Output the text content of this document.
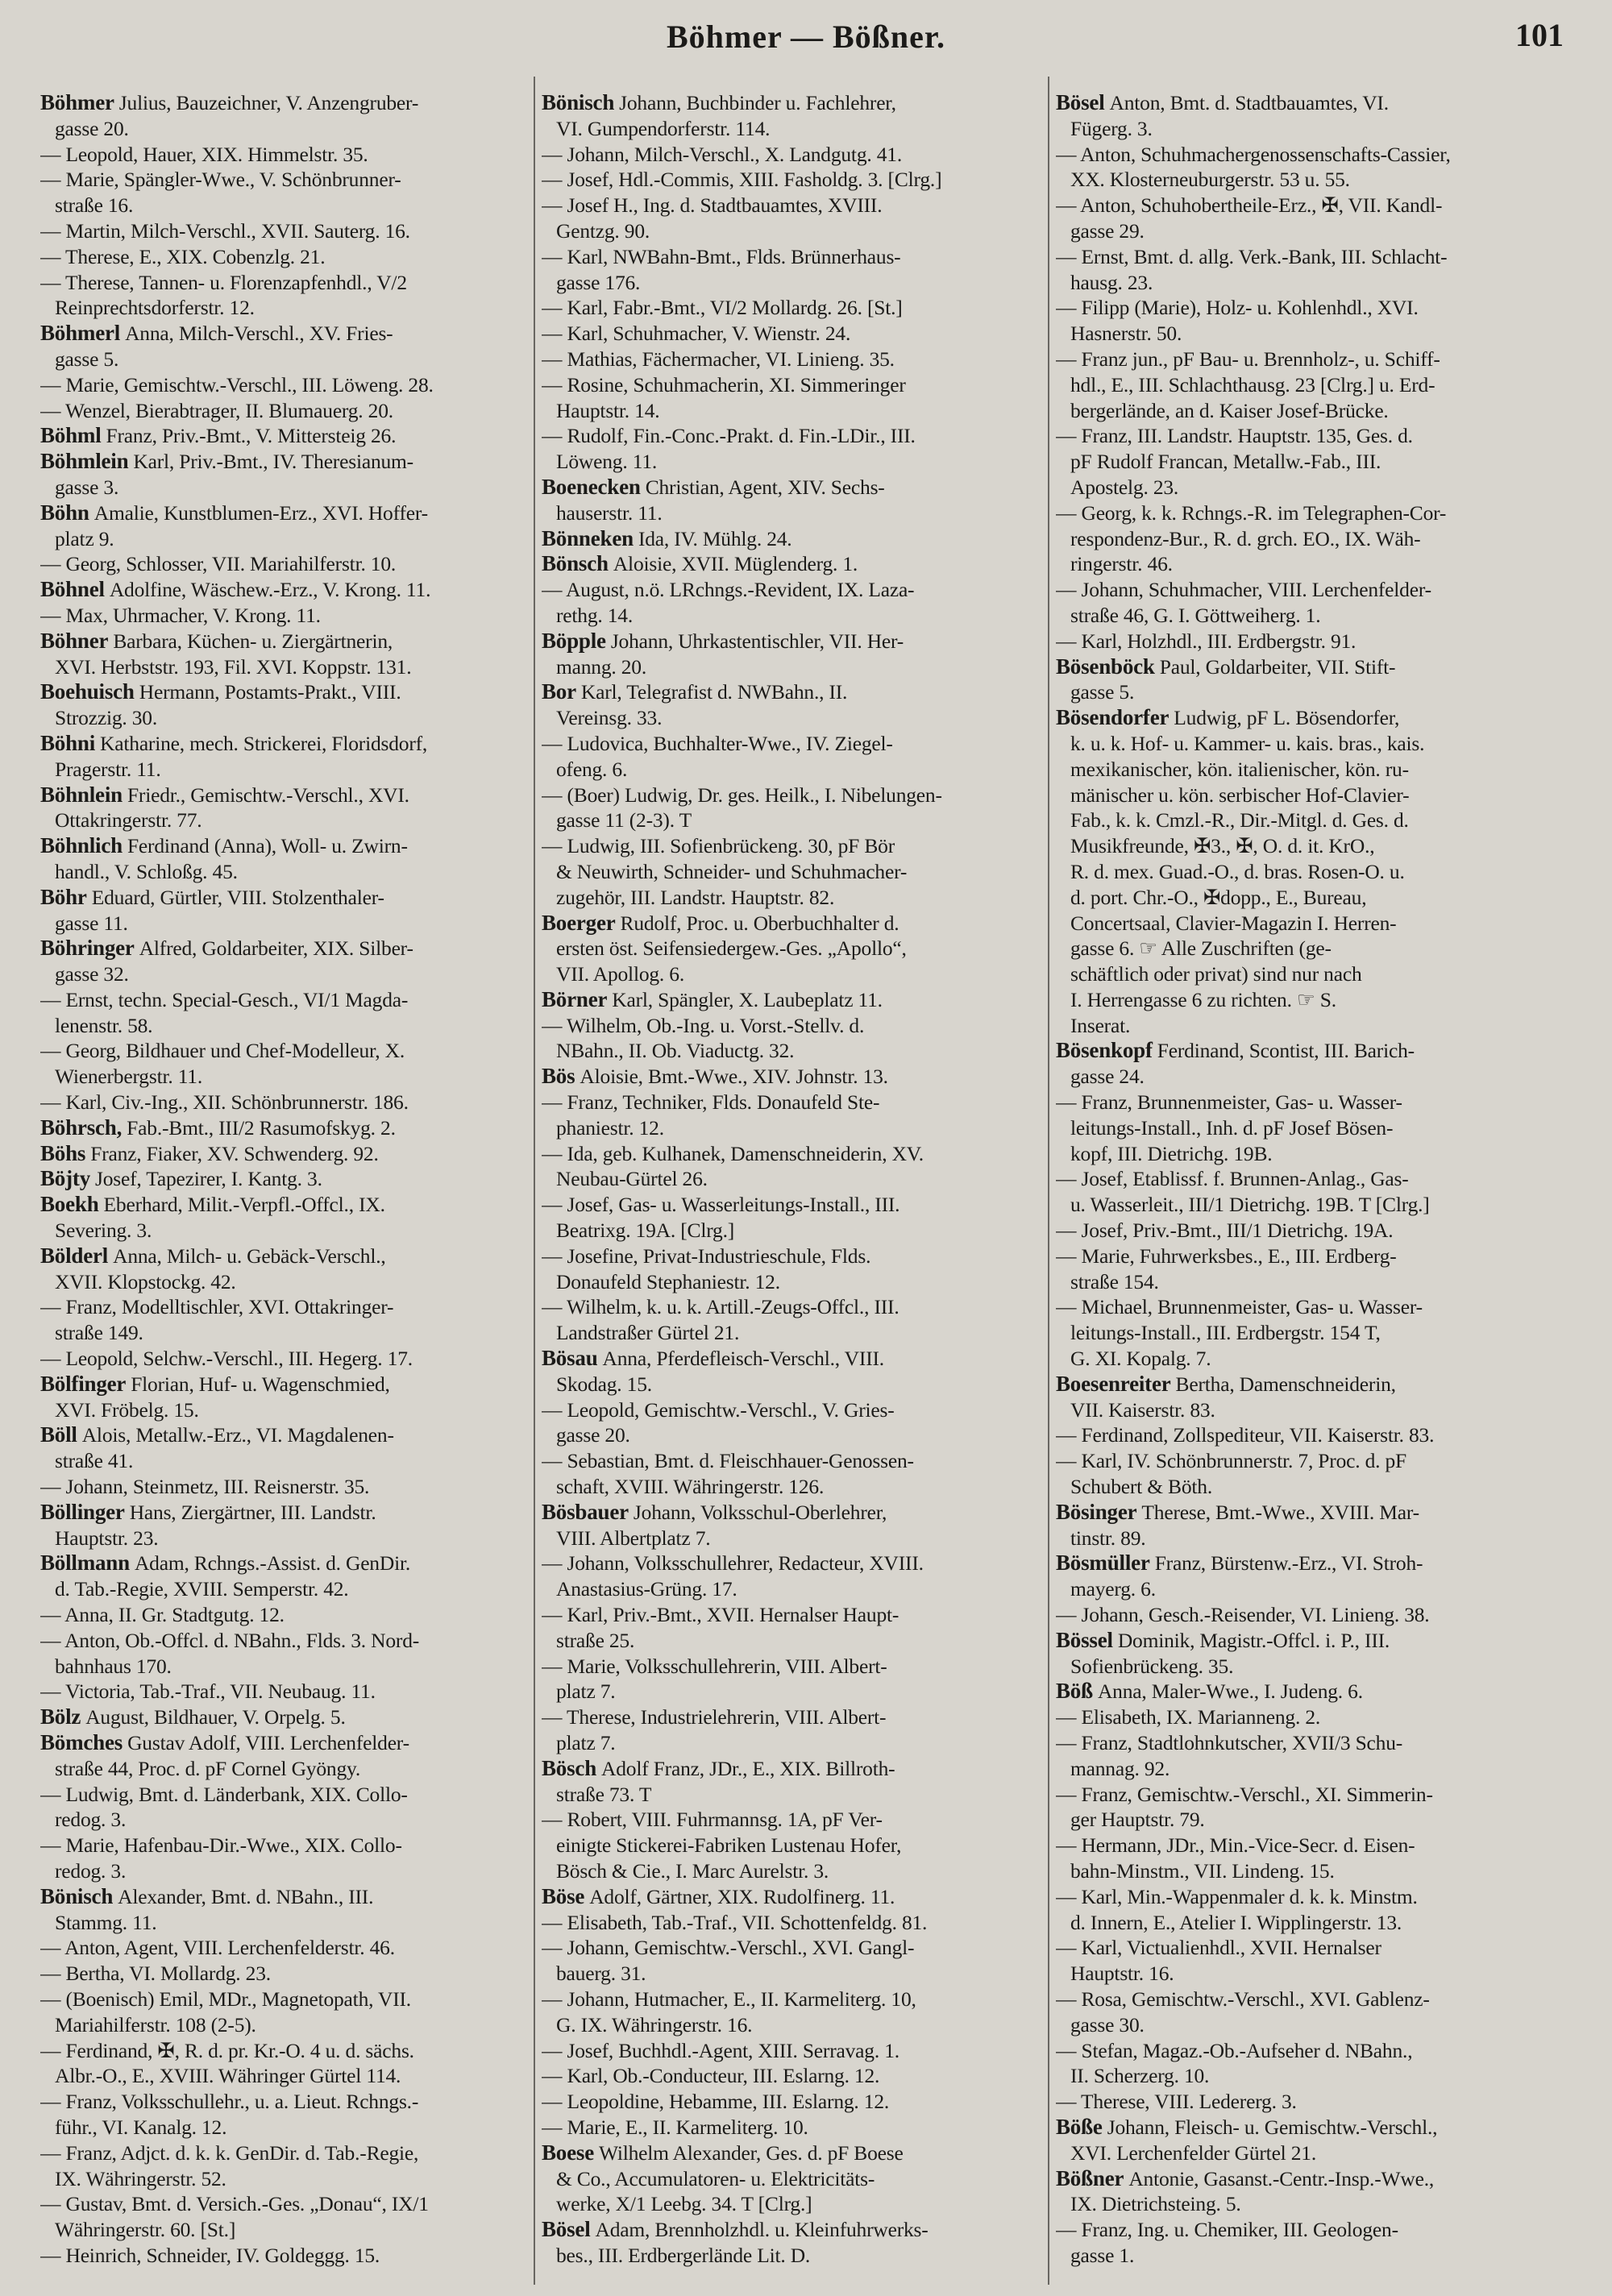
Böhmer — Bößner.	101
Böhmer Julius, Bauzeichner, V. Anzengruber-
gasse 20.
— Leopold, Hauer, XIX. Himmelstr. 35.
— Marie, Spängler-Wwe., V. Schönbrunner-
straße 16.
— Martin, Milch-Verschl., XVII. Sauterg. 16.
— Therese, E., XIX. Cobenzlg. 21.
— Therese, Tannen- u. Florenzapfenhdl., V/2
Reinprechtsdorferstr. 12.
Böhmerl Anna, Milch-Verschl., XV. Fries-
gasse 5.
— Marie, Gemischtw.-Verschl., III. Löweng. 28.
— Wenzel, Bierabtrager, II. Blumauerg. 20.
Böhml Franz, Priv.-Bmt., V. Mittersteig 26.
Böhmlein Karl, Priv.-Bmt., IV. Theresianum-
gasse 3.
Böhn Amalie, Kunstblumen-Erz., XVI. Hoffer-
platz 9.
— Georg, Schlosser, VII. Mariahilferstr. 10.
Böhnel Adolfine, Wäschew.-Erz., V. Krong. 11.
— Max, Uhrmacher, V. Krong. 11.
Böhner Barbara, Küchen- u. Ziergärtnerin,
XVI. Herbststr. 193, Fil. XVI. Koppstr. 131.
Boehuisch Hermann, Postamts-Prakt., VIII.
Strozzig. 30.
Böhni Katharine, mech. Strickerei, Floridsdorf,
Pragerstr. 11.
Böhnlein Friedr., Gemischtw.-Verschl., XVI.
Ottakringerstr. 77.
Böhnlich Ferdinand (Anna), Woll- u. Zwirn-
handl., V. Schloßg. 45.
Böhr Eduard, Gürtler, VIII. Stolzenthaler-
gasse 11.
Böhringer Alfred, Goldarbeiter, XIX. Silber-
gasse 32.
— Ernst, techn. Special-Gesch., VI/1 Magda-
lenenstr. 58.
— Georg, Bildhauer und Chef-Modelleur, X.
Wienerbergstr. 11.
— Karl, Civ.-Ing., XII. Schönbrunnerstr. 186.
Böhrsch, Fab.-Bmt., III/2 Rasumofskyg. 2.
Böhs Franz, Fiaker, XV. Schwenderg. 92.
Böjty Josef, Tapezirer, I. Kantg. 3.
Boekh Eberhard, Milit.-Verpfl.-Offcl., IX.
Severing. 3.
Bölderl Anna, Milch- u. Gebäck-Verschl.,
XVII. Klopstockg. 42.
— Franz, Modelltischler, XVI. Ottakringer-
straße 149.
— Leopold, Selchw.-Verschl., III. Hegerg. 17.
Bölfinger Florian, Huf- u. Wagenschmied,
XVI. Fröbelg. 15.
Böll Alois, Metallw.-Erz., VI. Magdalenen-
straße 41.
— Johann, Steinmetz, III. Reisnerstr. 35.
Böllinger Hans, Ziergärtner, III. Landstr.
Hauptstr. 23.
Böllmann Adam, Rchngs.-Assist. d. GenDir.
d. Tab.-Regie, XVIII. Semperstr. 42.
— Anna, II. Gr. Stadtgutg. 12.
— Anton, Ob.-Offcl. d. NBahn., Flds. 3. Nord-
bahnhaus 170.
— Victoria, Tab.-Traf., VII. Neubaug. 11.
Bölz August, Bildhauer, V. Orpelg. 5.
Bömches Gustav Adolf, VIII. Lerchenfelder-
straße 44, Proc. d. pF Cornel Gyöngy.
— Ludwig, Bmt. d. Länderbank, XIX. Collo-
redog. 3.
— Marie, Hafenbau-Dir.-Wwe., XIX. Collo-
redog. 3.
Bönisch Alexander, Bmt. d. NBahn., III.
Stammg. 11.
— Anton, Agent, VIII. Lerchenfelderstr. 46.
— Bertha, VI. Mollardg. 23.
— (Boenisch) Emil, MDr., Magnetopath, VII.
Mariahilferstr. 108 (2-5).
— Ferdinand, ✠, R. d. pr. Kr.-O. 4 u. d. sächs.
Albr.-O., E., XVIII. Währinger Gürtel 114.
— Franz, Volksschullehr., u. a. Lieut. Rchngs.-
führ., VI. Kanalg. 12.
— Franz, Adjct. d. k. k. GenDir. d. Tab.-Regie,
IX. Währingerstr. 52.
— Gustav, Bmt. d. Versich.-Ges. „Donau“, IX/1
Währingerstr. 60. [St.]
— Heinrich, Schneider, IV. Goldeggg. 15.
Bönisch Johann, Buchbinder u. Fachlehrer,
VI. Gumpendorferstr. 114.
— Johann, Milch-Verschl., X. Landgutg. 41.
— Josef, Hdl.-Commis, XIII. Fasholdg. 3. [Clrg.]
— Josef H., Ing. d. Stadtbauamtes, XVIII.
Gentzg. 90.
— Karl, NWBahn-Bmt., Flds. Brünnerhaus-
gasse 176.
— Karl, Fabr.-Bmt., VI/2 Mollardg. 26. [St.]
— Karl, Schuhmacher, V. Wienstr. 24.
— Mathias, Fächermacher, VI. Linieng. 35.
— Rosine, Schuhmacherin, XI. Simmeringer
Hauptstr. 14.
— Rudolf, Fin.-Conc.-Prakt. d. Fin.-LDir., III.
Löweng. 11.
Boenecken Christian, Agent, XIV. Sechs-
hauserstr. 11.
Bönneken Ida, IV. Mühlg. 24.
Bönsch Aloisie, XVII. Müglenderg. 1.
— August, n.ö. LRchngs.-Revident, IX. Laza-
rethg. 14.
Böpple Johann, Uhrkastentischler, VII. Her-
manng. 20.
Bor Karl, Telegrafist d. NWBahn., II.
Vereinsg. 33.
— Ludovica, Buchhalter-Wwe., IV. Ziegel-
ofeng. 6.
— (Boer) Ludwig, Dr. ges. Heilk., I. Nibelungen-
gasse 11 (2-3). T
— Ludwig, III. Sofienbrückeng. 30, pF Bör
& Neuwirth, Schneider- und Schuhmacher-
zugehör, III. Landstr. Hauptstr. 82.
Boerger Rudolf, Proc. u. Oberbuchhalter d.
ersten öst. Seifensiedergew.-Ges. „Apollo“,
VII. Apollog. 6.
Börner Karl, Spängler, X. Laubeplatz 11.
— Wilhelm, Ob.-Ing. u. Vorst.-Stellv. d.
NBahn., II. Ob. Viaductg. 32.
Bös Aloisie, Bmt.-Wwe., XIV. Johnstr. 13.
— Franz, Techniker, Flds. Donaufeld Ste-
phaniestr. 12.
— Ida, geb. Kulhanek, Damenschneiderin, XV.
Neubau-Gürtel 26.
— Josef, Gas- u. Wasserleitungs-Install., III.
Beatrixg. 19A. [Clrg.]
— Josefine, Privat-Industrieschule, Flds.
Donaufeld Stephaniestr. 12.
— Wilhelm, k. u. k. Artill.-Zeugs-Offcl., III.
Landstraßer Gürtel 21.
Bösau Anna, Pferdefleisch-Verschl., VIII.
Skodag. 15.
— Leopold, Gemischtw.-Verschl., V. Gries-
gasse 20.
— Sebastian, Bmt. d. Fleischhauer-Genossen-
schaft, XVIII. Währingerstr. 126.
Bösbauer Johann, Volksschul-Oberlehrer,
VIII. Albertplatz 7.
— Johann, Volksschullehrer, Redacteur, XVIII.
Anastasius-Grüng. 17.
— Karl, Priv.-Bmt., XVII. Hernalser Haupt-
straße 25.
— Marie, Volksschullehrerin, VIII. Albert-
platz 7.
— Therese, Industrielehrerin, VIII. Albert-
platz 7.
Bösch Adolf Franz, JDr., E., XIX. Billroth-
straße 73. T
— Robert, VIII. Fuhrmannsg. 1A, pF Ver-
einigte Stickerei-Fabriken Lustenau Hofer,
Bösch & Cie., I. Marc Aurelstr. 3.
Böse Adolf, Gärtner, XIX. Rudolfinerg. 11.
— Elisabeth, Tab.-Traf., VII. Schottenfeldg. 81.
— Johann, Gemischtw.-Verschl., XVI. Gangl-
bauerg. 31.
— Johann, Hutmacher, E., II. Karmeliterg. 10,
G. IX. Währingerstr. 16.
— Josef, Buchhdl.-Agent, XIII. Serravag. 1.
— Karl, Ob.-Conducteur, III. Eslarng. 12.
— Leopoldine, Hebamme, III. Eslarng. 12.
— Marie, E., II. Karmeliterg. 10.
Boese Wilhelm Alexander, Ges. d. pF Boese
& Co., Accumulatoren- u. Elektricitäts-
werke, X/1 Leebg. 34. T [Clrg.]
Bösel Adam, Brennholzhdl. u. Kleinfuhrwerks-
bes., III. Erdbergerlände Lit. D.
Bösel Anton, Bmt. d. Stadtbauamtes, VI.
Fügerg. 3.
— Anton, Schuhmachergenossenschafts-Cassier,
XX. Klosterneuburgerstr. 53 u. 55.
— Anton, Schuhobertheile-Erz., ✠, VII. Kandl-
gasse 29.
— Ernst, Bmt. d. allg. Verk.-Bank, III. Schlacht-
hausg. 23.
— Filipp (Marie), Holz- u. Kohlenhdl., XVI.
Hasnerstr. 50.
— Franz jun., pF Bau- u. Brennholz-, u. Schiff-
hdl., E., III. Schlachthausg. 23 [Clrg.] u. Erd-
bergerlände, an d. Kaiser Josef-Brücke.
— Franz, III. Landstr. Hauptstr. 135, Ges. d.
pF Rudolf Francan, Metallw.-Fab., III.
Apostelg. 23.
— Georg, k. k. Rchngs.-R. im Telegraphen-Cor-
respondenz-Bur., R. d. grch. EO., IX. Wäh-
ringerstr. 46.
— Johann, Schuhmacher, VIII. Lerchenfelder-
straße 46, G. I. Göttweiherg. 1.
— Karl, Holzhdl., III. Erdbergstr. 91.
Bösenböck Paul, Goldarbeiter, VII. Stift-
gasse 5.
Bösendorfer Ludwig, pF L. Bösendorfer,
k. u. k. Hof- u. Kammer- u. kais. bras., kais.
mexikanischer, kön. italienischer, kön. ru-
mänischer u. kön. serbischer Hof-Clavier-
Fab., k. k. Cmzl.-R., Dir.-Mitgl. d. Ges. d.
Musikfreunde, ✠3., ✠, O. d. it. KrO.,
R. d. mex. Guad.-O., d. bras. Rosen-O. u.
d. port. Chr.-O., ✠dopp., E., Bureau,
Concertsaal, Clavier-Magazin I. Herren-
gasse 6. ☞ Alle Zuschriften (ge-
schäftlich oder privat) sind nur nach
I. Herrengasse 6 zu richten. ☞ S.
Inserat.
Bösenkopf Ferdinand, Scontist, III. Barich-
gasse 24.
— Franz, Brunnenmeister, Gas- u. Wasser-
leitungs-Install., Inh. d. pF Josef Bösen-
kopf, III. Dietrichg. 19B.
— Josef, Etablissf. f. Brunnen-Anlag., Gas-
u. Wasserleit., III/1 Dietrichg. 19B. T [Clrg.]
— Josef, Priv.-Bmt., III/1 Dietrichg. 19A.
— Marie, Fuhrwerksbes., E., III. Erdberg-
straße 154.
— Michael, Brunnenmeister, Gas- u. Wasser-
leitungs-Install., III. Erdbergstr. 154 T,
G. XI. Kopalg. 7.
Boesenreiter Bertha, Damenschneiderin,
VII. Kaiserstr. 83.
— Ferdinand, Zollspediteur, VII. Kaiserstr. 83.
— Karl, IV. Schönbrunnerstr. 7, Proc. d. pF
Schubert & Böth.
Bösinger Therese, Bmt.-Wwe., XVIII. Mar-
tinstr. 89.
Bösmüller Franz, Bürstenw.-Erz., VI. Stroh-
mayerg. 6.
— Johann, Gesch.-Reisender, VI. Linieng. 38.
Bössel Dominik, Magistr.-Offcl. i. P., III.
Sofienbrückeng. 35.
Böß Anna, Maler-Wwe., I. Judeng. 6.
— Elisabeth, IX. Marianneng. 2.
— Franz, Stadtlohnkutscher, XVII/3 Schu-
mannag. 92.
— Franz, Gemischtw.-Verschl., XI. Simmerin-
ger Hauptstr. 79.
— Hermann, JDr., Min.-Vice-Secr. d. Eisen-
bahn-Minstm., VII. Lindeng. 15.
— Karl, Min.-Wappenmaler d. k. k. Minstm.
d. Innern, E., Atelier I. Wipplingerstr. 13.
— Karl, Victualienhdl., XVII. Hernalser
Hauptstr. 16.
— Rosa, Gemischtw.-Verschl., XVI. Gablenz-
gasse 30.
— Stefan, Magaz.-Ob.-Aufseher d. NBahn.,
II. Scherzerg. 10.
— Therese, VIII. Ledererg. 3.
Böße Johann, Fleisch- u. Gemischtw.-Verschl.,
XVI. Lerchenfelder Gürtel 21.
Bößner Antonie, Gasanst.-Centr.-Insp.-Wwe.,
IX. Dietrichsteing. 5.
— Franz, Ing. u. Chemiker, III. Geologen-
gasse 1.
